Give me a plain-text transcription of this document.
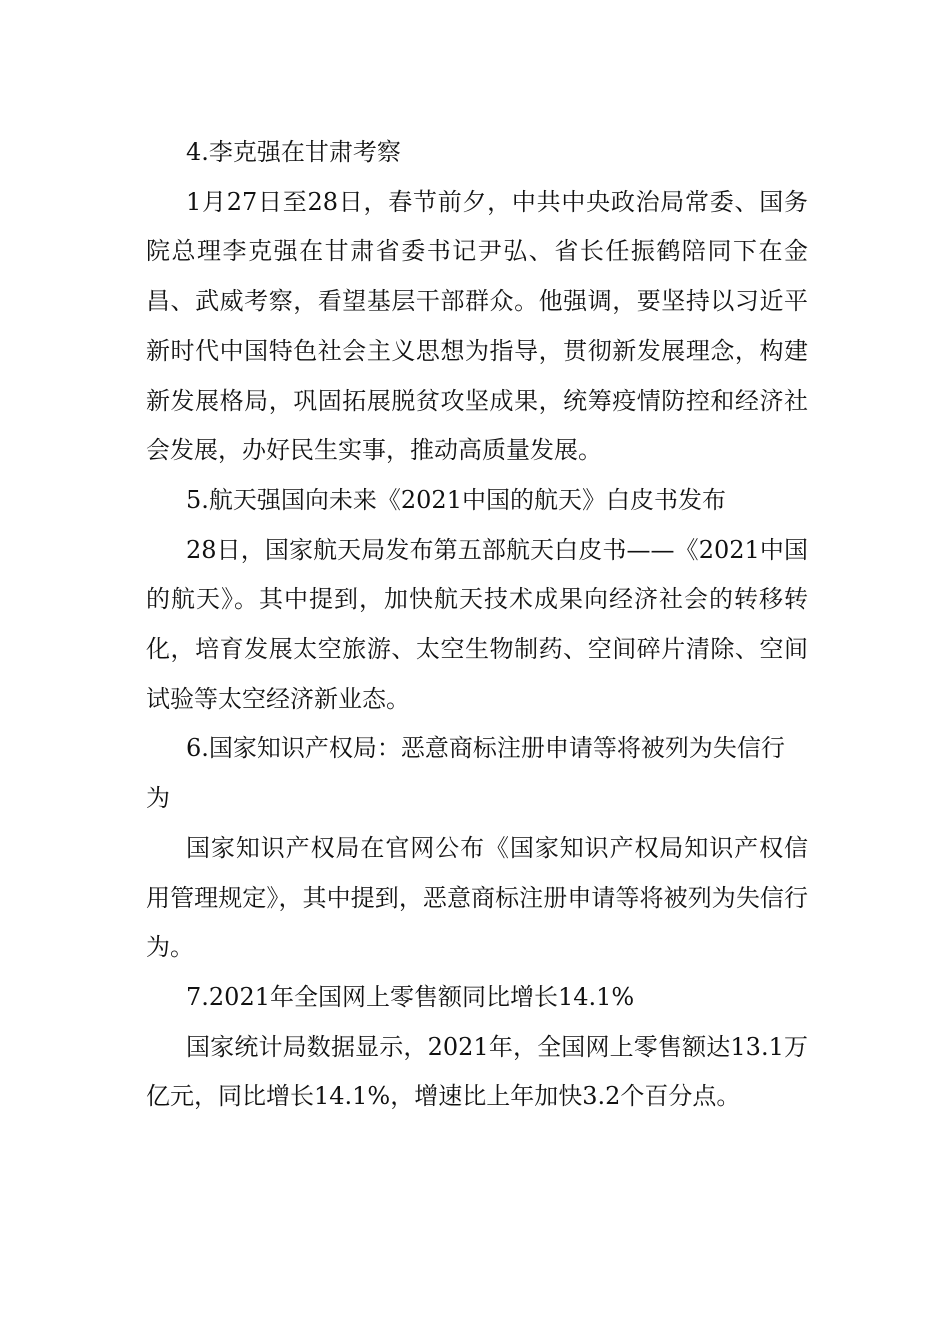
4.李克强在甘肃考察

1月27日至28日，春节前夕，中共中央政治局常委、国务院总理李克强在甘肃省委书记尹弘、省长任振鹤陪同下在金昌、武威考察，看望基层干部群众。他强调，要坚持以习近平新时代中国特色社会主义思想为指导，贯彻新发展理念，构建新发展格局，巩固拓展脱贫攻坚成果，统筹疫情防控和经济社会发展，办好民生实事，推动高质量发展。

5.航天强国向未来《2021中国的航天》白皮书发布

28日，国家航天局发布第五部航天白皮书——《2021中国的航天》。其中提到，加快航天技术成果向经济社会的转移转化，培育发展太空旅游、太空生物制药、空间碎片清除、空间试验等太空经济新业态。

6.国家知识产权局：恶意商标注册申请等将被列为失信行为

国家知识产权局在官网公布《国家知识产权局知识产权信用管理规定》，其中提到，恶意商标注册申请等将被列为失信行为。

7.2021年全国网上零售额同比增长14.1%

国家统计局数据显示，2021年，全国网上零售额达13.1万亿元，同比增长14.1%，增速比上年加快3.2个百分点。
